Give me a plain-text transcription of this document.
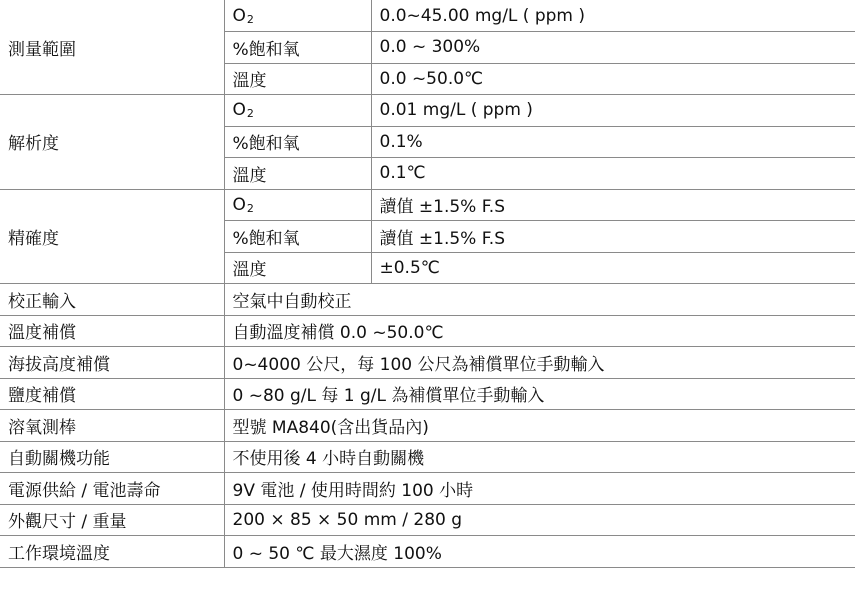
測量範圍	O2	0.0~45.00 mg/L ( ppm )
	%飽和氧	0.0 ~ 300%
	溫度	0.0 ~50.0℃
解析度	O2	0.01 mg/L ( ppm )
	%飽和氧	0.1%
	溫度	0.1℃
精確度	O2	讀值 ±1.5% F.S
	%飽和氧	讀值 ±1.5% F.S
	溫度	±0.5℃
校正輸入	空氣中自動校正	
溫度補償	自動溫度補償 0.0 ~50.0℃	
海拔高度補償	0~4000 公尺，每 100 公尺為補償單位手動輸入	
鹽度補償	0 ~80 g/L 每 1 g/L 為補償單位手動輸入	
溶氧測棒	型號 MA840(含出貨品內)	
自動關機功能	不使用後 4 小時自動關機	
電源供給 / 電池壽命	9V 電池 / 使用時間約 100 小時	
外觀尺寸 / 重量	200 × 85 × 50 mm / 280 g	
工作環境溫度	0 ~ 50 ℃ 最大濕度 100%	
